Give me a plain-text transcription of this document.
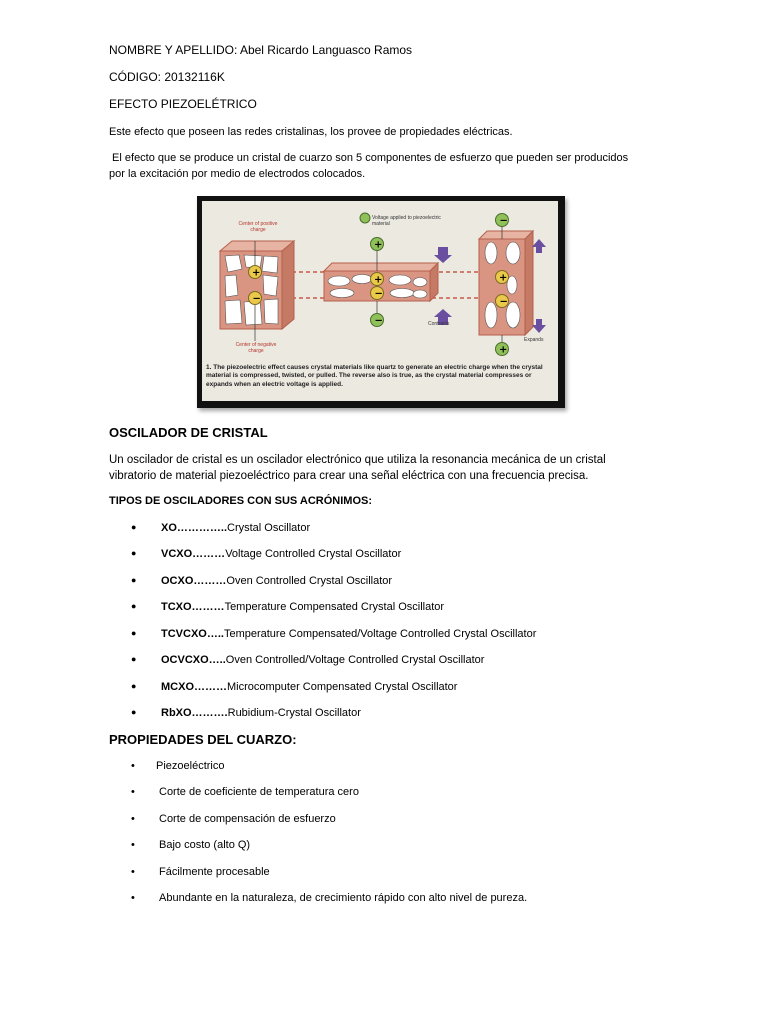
NOMBRE Y APELLIDO: Abel Ricardo Languasco Ramos
CÓDIGO: 20132116K
EFECTO PIEZOELÉTRICO
Este efecto que poseen las redes cristalinas, los provee de propiedades eléctricas.
El efecto que se produce un cristal de cuarzo son 5 componentes de esfuerzo que pueden ser producidos
por la excitación por medio de electrodos colocados.
+
−
+
−
+
−
+
−
−
+
Center of positive charge
Voltage applied to piezoelectric material
Contracts
Expands
Center of negative charge
1. The piezoelectric effect causes crystal materials like quartz to generate an electric charge when the crystal material is compressed, twisted, or pulled. The reverse also is true, as the crystal material compresses or expands when an electric voltage is applied.
OSCILADOR DE CRISTAL
Un oscilador de cristal es un oscilador electrónico que utiliza la resonancia mecánica de un cristal
vibratorio de material piezoeléctrico para crear una señal eléctrica con una frecuencia precisa.
TIPOS DE OSCILADORES CON SUS ACRÓNIMOS:
● XO…………..Crystal Oscillator
● VCXO………Voltage Controlled Crystal Oscillator
● OCXO………Oven Controlled Crystal Oscillator
● TCXO………Temperature Compensated Crystal Oscillator
● TCVCXO…..Temperature Compensated/Voltage Controlled Crystal Oscillator
● OCVCXO…..Oven Controlled/Voltage Controlled Crystal Oscillator
● MCXO………Microcomputer Compensated Crystal Oscillator
● RbXO……….Rubidium-Crystal Oscillator
PROPIEDADES DEL CUARZO:
• Piezoeléctrico
• Corte de coeficiente de temperatura cero
• Corte de compensación de esfuerzo
• Bajo costo (alto Q)
• Fácilmente procesable
• Abundante en la naturaleza, de crecimiento rápido con alto nivel de pureza.
